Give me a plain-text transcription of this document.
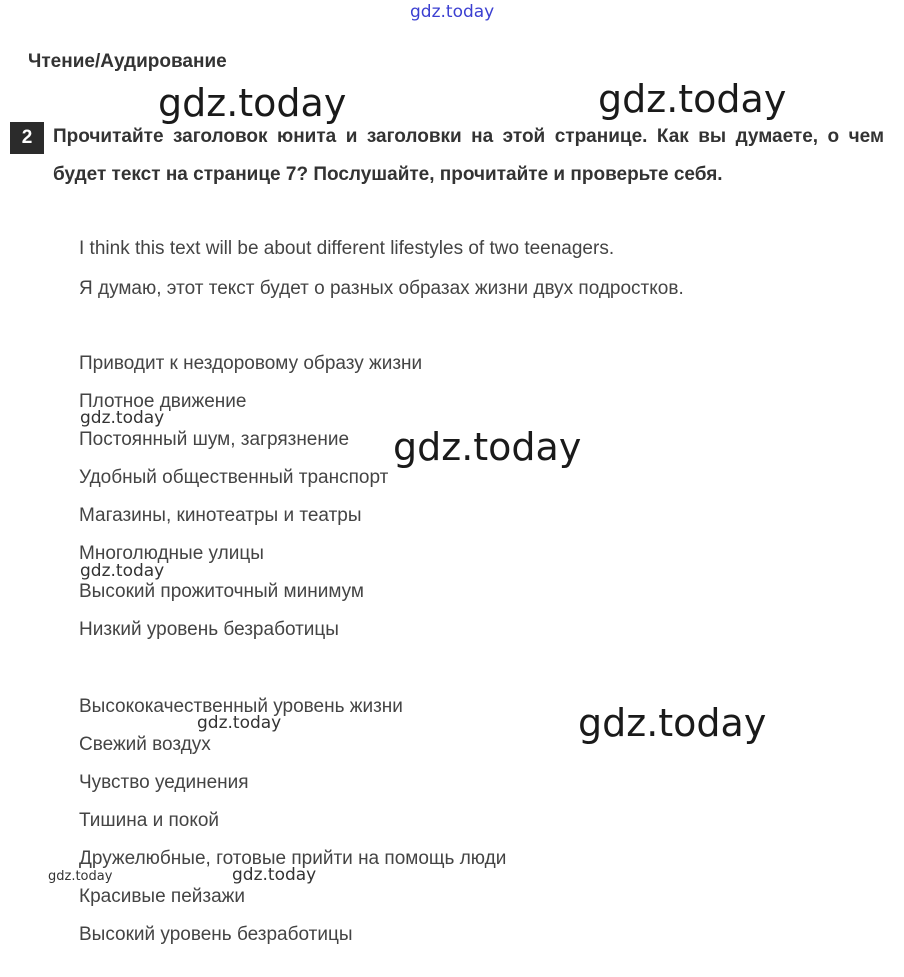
gdz.today
Чтение/Аудирование
2	Прочитайте заголовок юнита и заголовки на этой странице. Как вы думаете, о чем будет текст на странице 7? Послушайте, прочитайте и проверьте себя.

I think this text will be about different lifestyles of two teenagers.
Я думаю, этот текст будет о разных образах жизни двух подростков.
Приводит к нездоровому образу жизни
Плотное движение
Постоянный шум, загрязнение
Удобный общественный транспорт
Магазины, кинотеатры и театры
Многолюдные улицы
Высокий прожиточный минимум
Низкий уровень безработицы
Высококачественный уровень жизни
Свежий воздух
Чувство уединения
Тишина и покой
Дружелюбные, готовые прийти на помощь люди
Красивые пейзажи
Высокий уровень безработицы
gdz.today	gdz.today
gdz.today
gdz.today
gdz.today
gdz.today
gdz.today
gdz.today
gdz.today
